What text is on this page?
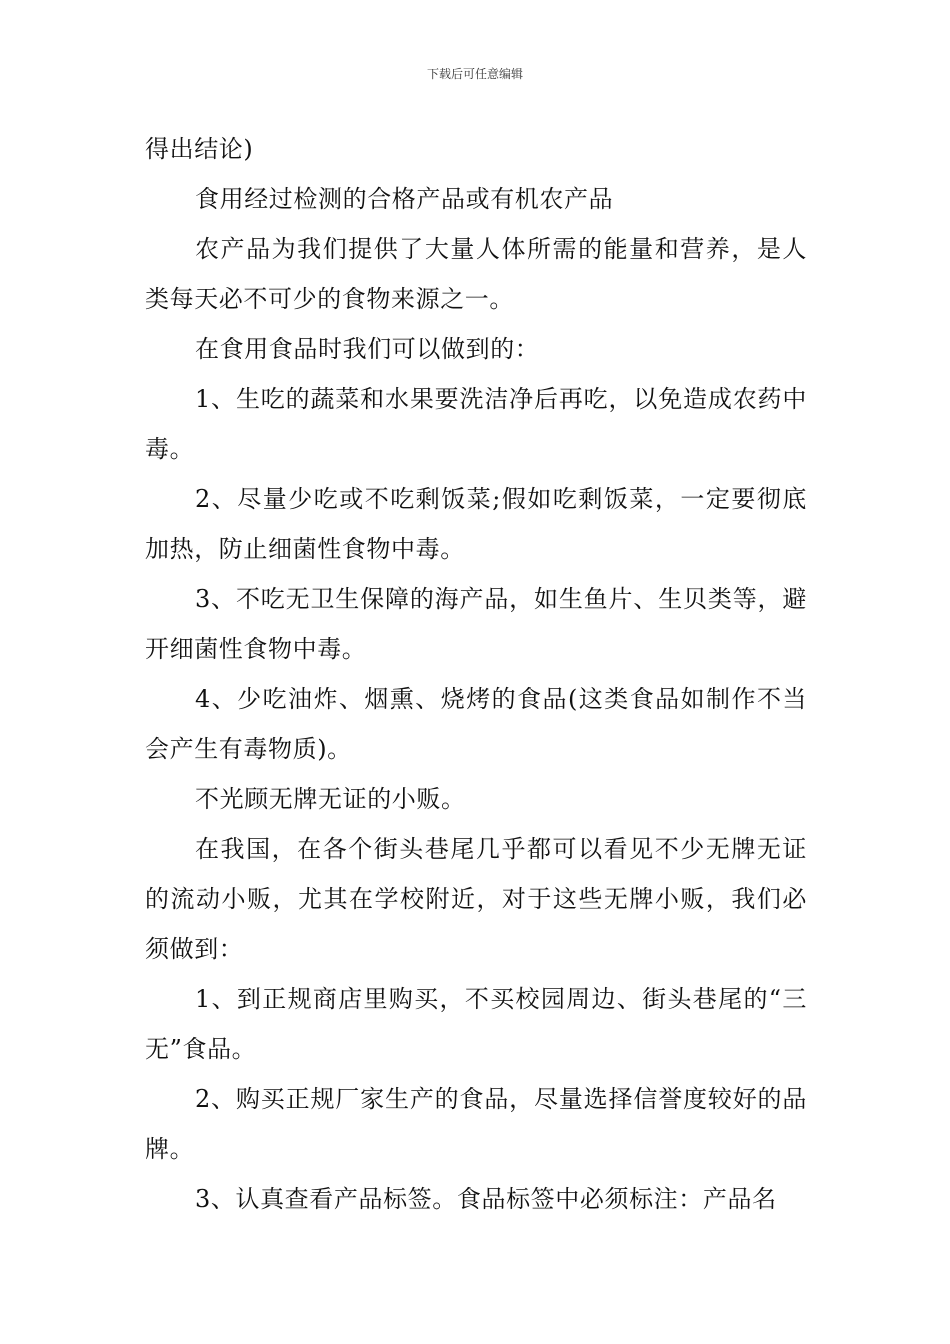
下载后可任意编辑

得出结论)

食用经过检测的合格产品或有机农产品

农产品为我们提供了大量人体所需的能量和营养，是人类每天必不可少的食物来源之一。

在食用食品时我们可以做到的：

1、生吃的蔬菜和水果要洗洁净后再吃，以免造成农药中毒。

2、尽量少吃或不吃剩饭菜;假如吃剩饭菜，一定要彻底加热，防止细菌性食物中毒。

3、不吃无卫生保障的海产品，如生鱼片、生贝类等，避开细菌性食物中毒。

4、少吃油炸、烟熏、烧烤的食品(这类食品如制作不当会产生有毒物质)。

不光顾无牌无证的小贩。

在我国，在各个街头巷尾几乎都可以看见不少无牌无证的流动小贩，尤其在学校附近，对于这些无牌小贩，我们必须做到：

1、到正规商店里购买，不买校园周边、街头巷尾的“三无”食品。

2、购买正规厂家生产的食品，尽量选择信誉度较好的品牌。

3、认真查看产品标签。食品标签中必须标注：产品名
